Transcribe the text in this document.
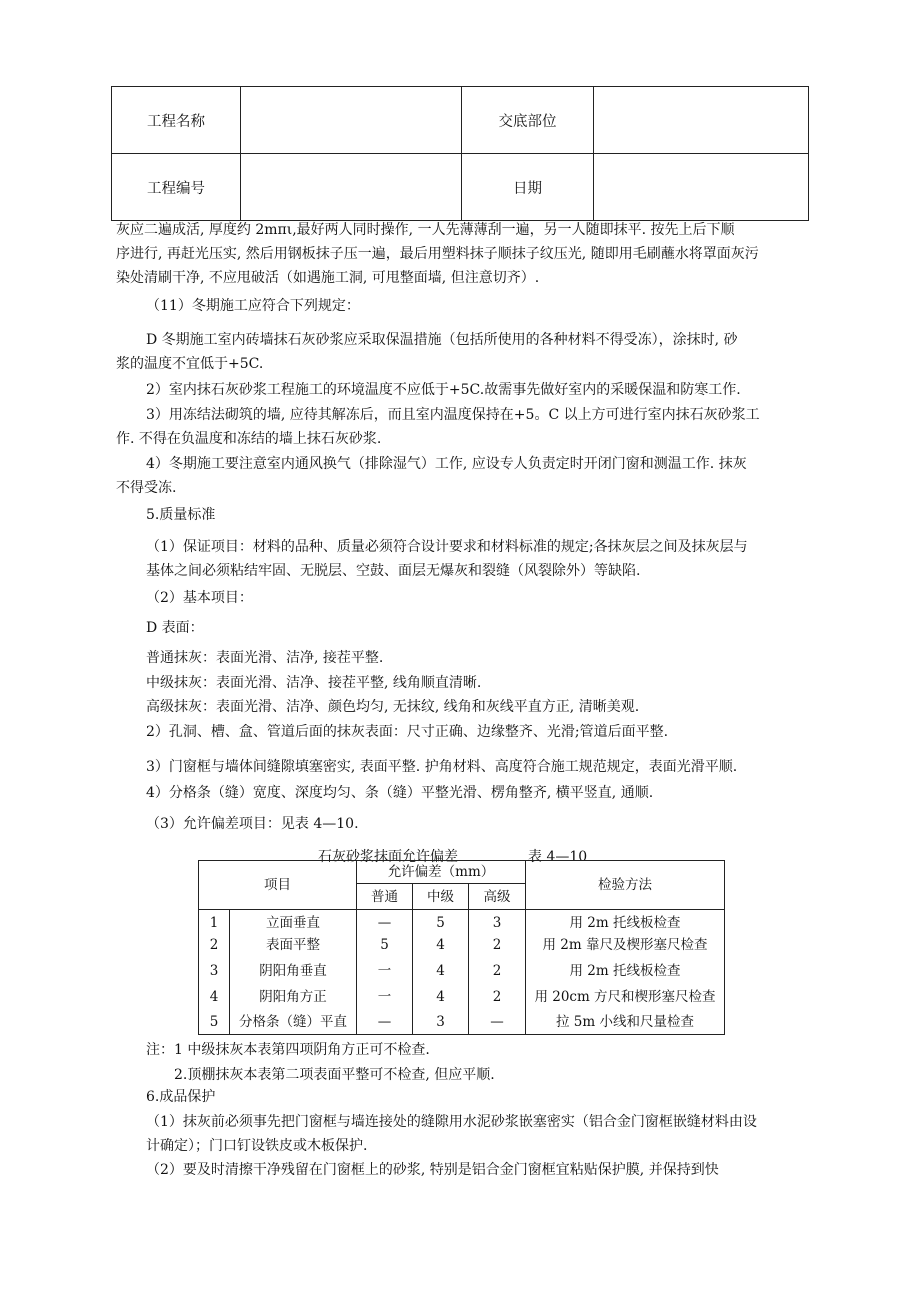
工程名称		交底部位	
工程编号		日期	
灰应二遍成活, 厚度约 2mπι,最好两人同时操作, 一人先薄薄刮一遍，另一人随即抹平. 按先上后下顺
序进行, 再赶光压实, 然后用钢板抹子压一遍，最后用塑料抹子顺抹子纹压光, 随即用毛刷蘸水将罩面灰污
染处清刷干净, 不应甩破活（如遇施工洞, 可甩整面墙, 但注意切齐）.
（11）冬期施工应符合下列规定：
D 冬期施工室内砖墙抹石灰砂浆应采取保温措施（包括所使用的各种材料不得受冻），涂抹时, 砂
浆的温度不宜低于+5C.
2）室内抹石灰砂浆工程施工的环境温度不应低于+5C.故需事先做好室内的采暖保温和防寒工作.
3）用冻结法砌筑的墙, 应待其解冻后，而且室内温度保持在+5。C 以上方可进行室内抹石灰砂浆工
作. 不得在负温度和冻结的墙上抹石灰砂浆.
4）冬期施工要注意室内通风换气（排除湿气）工作, 应设专人负责定时开闭门窗和测温工作. 抹灰
不得受冻.
5.质量标准
（1）保证项目：材料的品种、质量必须符合设计要求和材料标准的规定;各抹灰层之间及抹灰层与
基体之间必须粘结牢固、无脱层、空鼓、面层无爆灰和裂缝（风裂除外）等缺陷.
（2）基本项目：
D 表面：
普通抹灰：表面光滑、洁净, 接茬平整.
中级抹灰：表面光滑、洁净、接茬平整, 线角顺直清晰.
高级抹灰：表面光滑、洁净、颜色均匀, 无抹纹, 线角和灰线平直方正, 清晰美观.
2）孔洞、槽、盒、管道后面的抹灰表面：尺寸正确、边缘整齐、光滑;管道后面平整.
3）门窗框与墙体间缝隙填塞密实, 表面平整. 护角材料、高度符合施工规范规定，表面光滑平顺.
4）分格条（缝）宽度、深度均匀、条（缝）平整光滑、楞角整齐, 横平竖直, 通顺.
（3）允许偏差项目：见表 4—10.
石灰砂浆抹面允许偏差	表 4—10
项目		允许偏差（mm）			检验方法
		普通	中级	高级	
1	立面垂直	—	5	3	用 2m 托线板检查
2	表面平整	5	4	2	用 2m 靠尺及楔形塞尺检查
3	阴阳角垂直	一	4	2	用 2m 托线板检查
4	阴阳角方正	一	4	2	用 20cm 方尺和楔形塞尺检查
5	分格条（缝）平直	—	3	—	拉 5m 小线和尺量检查
注：1 中级抹灰本表第四项阴角方正可不检查.
2.顶棚抹灰本表第二项表面平整可不检查, 但应平顺.
6.成品保护
（1）抹灰前必须事先把门窗框与墙连接处的缝隙用水泥砂浆嵌塞密实（铝合金门窗框嵌缝材料由设
计确定）；门口钉设铁皮或木板保护.
（2）要及时清擦干净残留在门窗框上的砂浆, 特别是铝合金门窗框宜粘贴保护膜, 并保持到快
